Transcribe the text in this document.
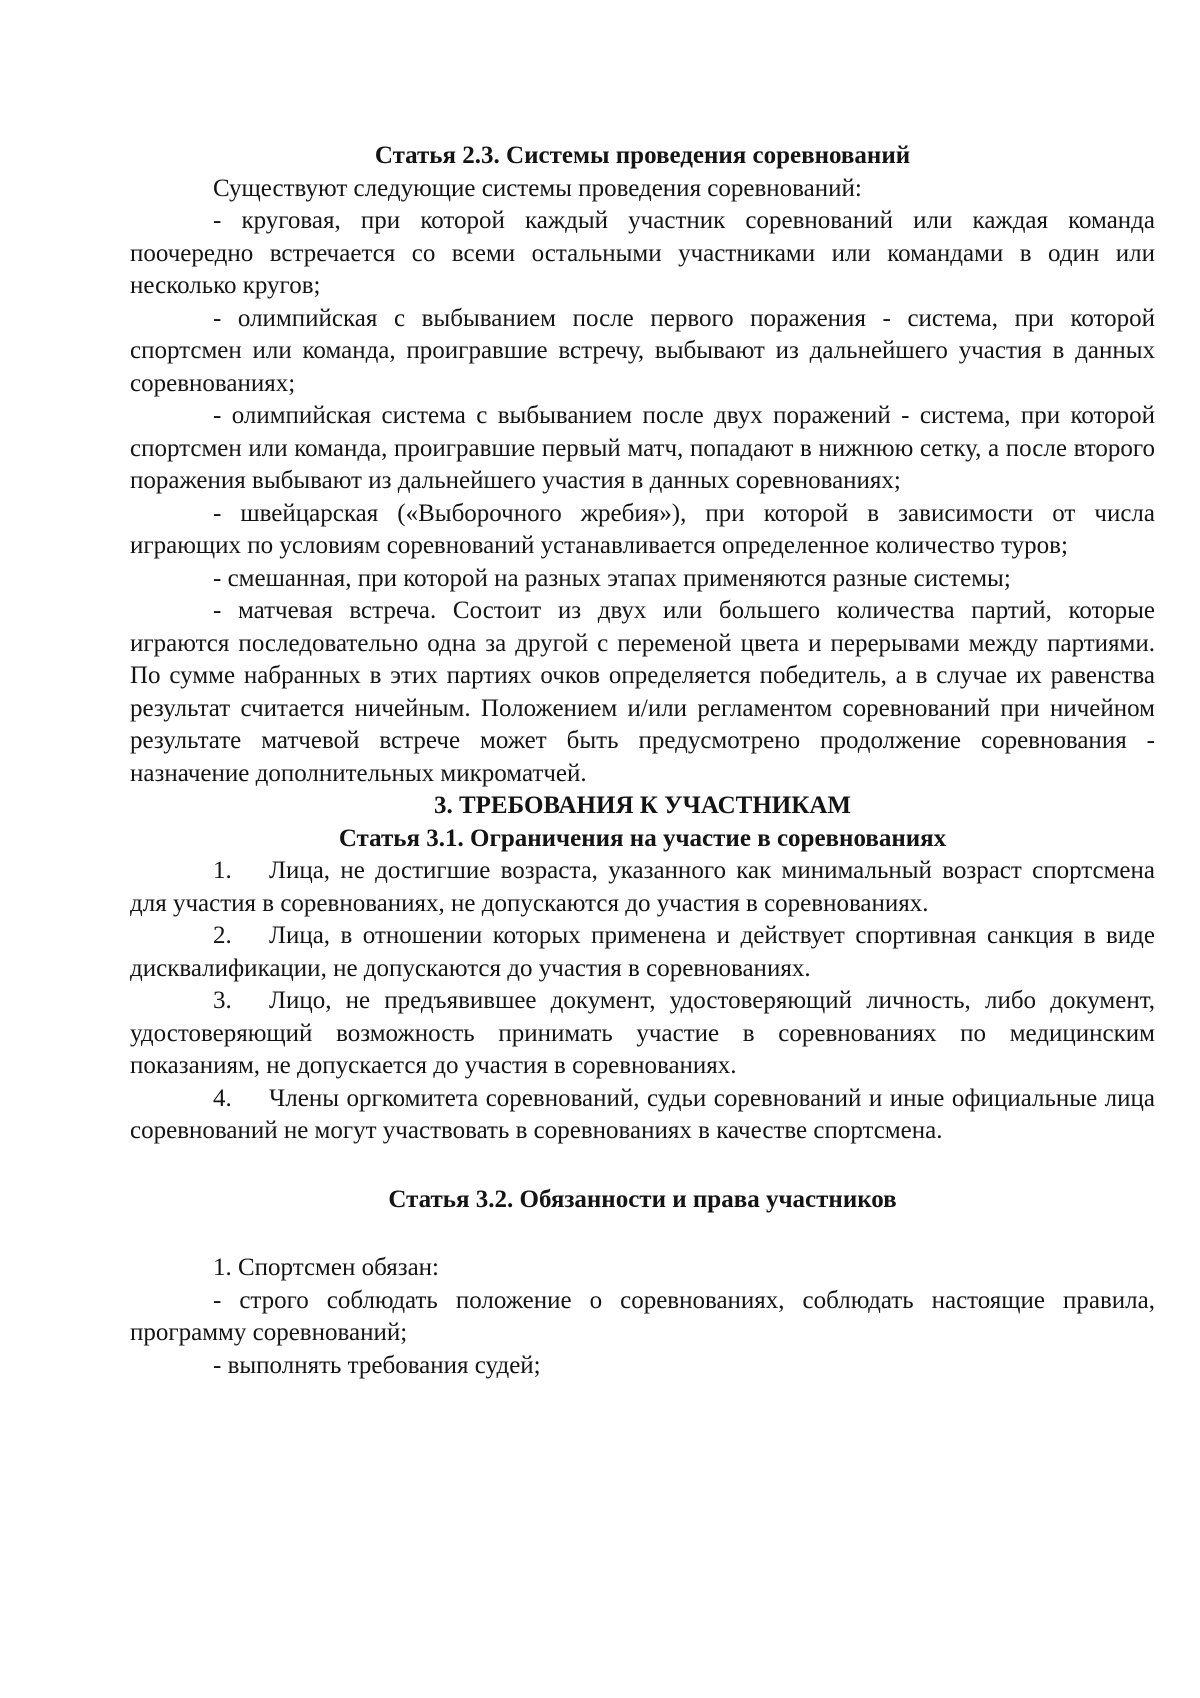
Статья 2.3. Системы проведения соревнований

Существуют следующие системы проведения соревнований:

- круговая, при которой каждый участник соревнований или каждая команда поочередно встречается со всеми остальными участниками или командами в один или несколько кругов;

- олимпийская с выбыванием после первого поражения - система, при которой спортсмен или команда, проигравшие встречу, выбывают из дальнейшего участия в данных соревнованиях;

- олимпийская система с выбыванием после двух поражений - система, при которой спортсмен или команда, проигравшие первый матч, попадают в нижнюю сетку, а после второго поражения выбывают из дальнейшего участия в данных соревнованиях;

- швейцарская («Выборочного жребия»), при которой в зависимости от числа играющих по условиям соревнований устанавливается определенное количество туров;

- смешанная, при которой на разных этапах применяются разные системы;

- матчевая встреча. Состоит из двух или большего количества партий, которые играются последовательно одна за другой с переменой цвета и перерывами между партиями. По сумме набранных в этих партиях очков определяется победитель, а в случае их равенства результат считается ничейным. Положением и/или регламентом соревнований при ничейном результате матчевой встрече может быть предусмотрено продолжение соревнования - назначение дополнительных микроматчей.

3. ТРЕБОВАНИЯ К УЧАСТНИКАМ

Статья 3.1. Ограничения на участие в соревнованиях

1. Лица, не достигшие возраста, указанного как минимальный возраст спортсмена для участия в соревнованиях, не допускаются до участия в соревнованиях.

2. Лица, в отношении которых применена и действует спортивная санкция в виде дисквалификации, не допускаются до участия в соревнованиях.

3. Лицо, не предъявившее документ, удостоверяющий личность, либо документ, удостоверяющий возможность принимать участие в соревнованиях по медицинским показаниям, не допускается до участия в соревнованиях.

4. Члены оргкомитета соревнований, судьи соревнований и иные официальные лица соревнований не могут участвовать в соревнованиях в качестве спортсмена.

Статья 3.2. Обязанности и права участников

1. Спортсмен обязан:

- строго соблюдать положение о соревнованиях, соблюдать настоящие правила, программу соревнований;

- выполнять требования судей;
